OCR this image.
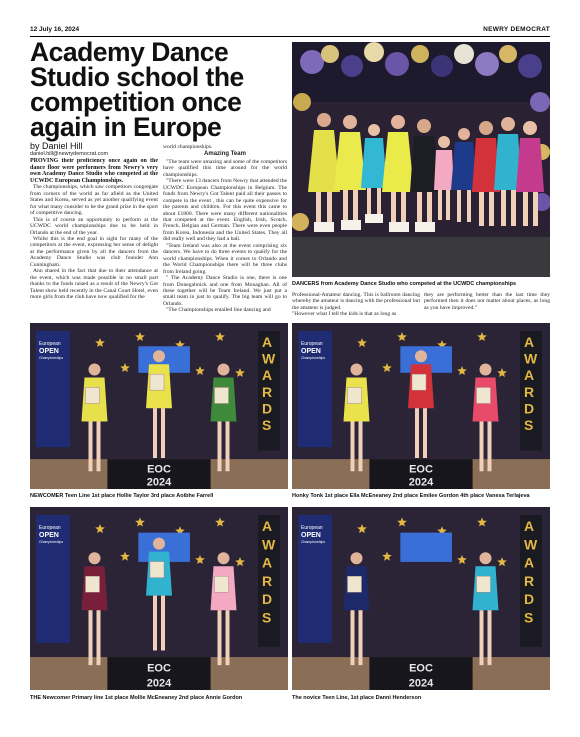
12 July 16, 2024	NEWRY DEMOCRAT
Academy Dance Studio school the competition once again in Europe
by Daniel Hill
daniel.hill@newrydemocrat.com

PROVING their proficiency once again on the dance floor were performers from Newry's very own Academy Dance Studio who competed at the UCWDC European Championships.

The championships, which saw competitors congregate from corners of the world as far afield as the United States and Korea, served as yet another qualifying event for what many consider to be the grand prize in the sport of competitive dancing.

This is of course an opportunity to perform at the UCWDC world championships due to be held in Orlando at the end of the year.

Whilst this is the end goal in sight for many of the competitors at the event, expressing her sense of delight at the performance given by all the dancers from the Academy Dance Studio was club founder Ann Cunningham.

Ann shared in the fact that due to their attendance at the event, which was made possible in no small part thanks to the funds raised as a result of the Newry's Got Talent show held recently in the Canal Court Hotel, even more girls from the club have now qualified for the

world championships.

Amazing Team

"The team were amazing and some of the competitors have qualified this time around for the world championships.

"There were 13 dancers from Newry that attended the UCWDC European Championships in Belgium. The funds from Newry's Got Talent paid all their passes to compete in the event , this can be quite expensive for the parents and children. For this event this came to about £1800. There were many different nationalities that competed at the event. English, Irish, Scotch, French, Belgian and German. There were even people from Korea, Indonesia and the United States. They all did really well and they had a ball.

"Team Ireland was also at the event comprising six dancers. We have to do three events to qualify for the world championships. When it comes to Orlando and the World Championships there will be three clubs from Ireland going.

" The Academy Dance Studio is one, there is one from Donegalmick and one from Monaghan. All of these together will be Team Ireland. We just put a small team in just to qualify. The big team will go to Orlando.

"The Championships entailed line dancing and

DANCERS from Academy Dance Studio who competed at the UCWDC championships
Professional-Amateur dancing. This is ballroom dancing whereby the amateur is dancing with the professional but the amateur is judged.
"However what I tell the kids is that as long as
they are performing better than the last time they performed then it does not matter about places, as long as you have improved."
European
OPEN
Championships
A
W
A
R
D
S
EOC
2024
NEWCOMER Teen Line 1st place Hollie Taylor 3rd place Aoibhe Farrell
European
OPEN
Championships
A
W
A
R
D
S
EOC
2024
Honky Tonk 1st place Ella McEneaney 2nd place Emilee Gordon 4th place Vanesa Terlajeva
European
OPEN
Championships
A
W
A
R
D
S
EOC
2024
THE Newcomer Primary line 1st place Mollie McEneaney 2nd place Annie Gordon
European
OPEN
Championships
A
W
A
R
D
S
EOC
2024
The novice Teen Line, 1st place Danni Henderson
